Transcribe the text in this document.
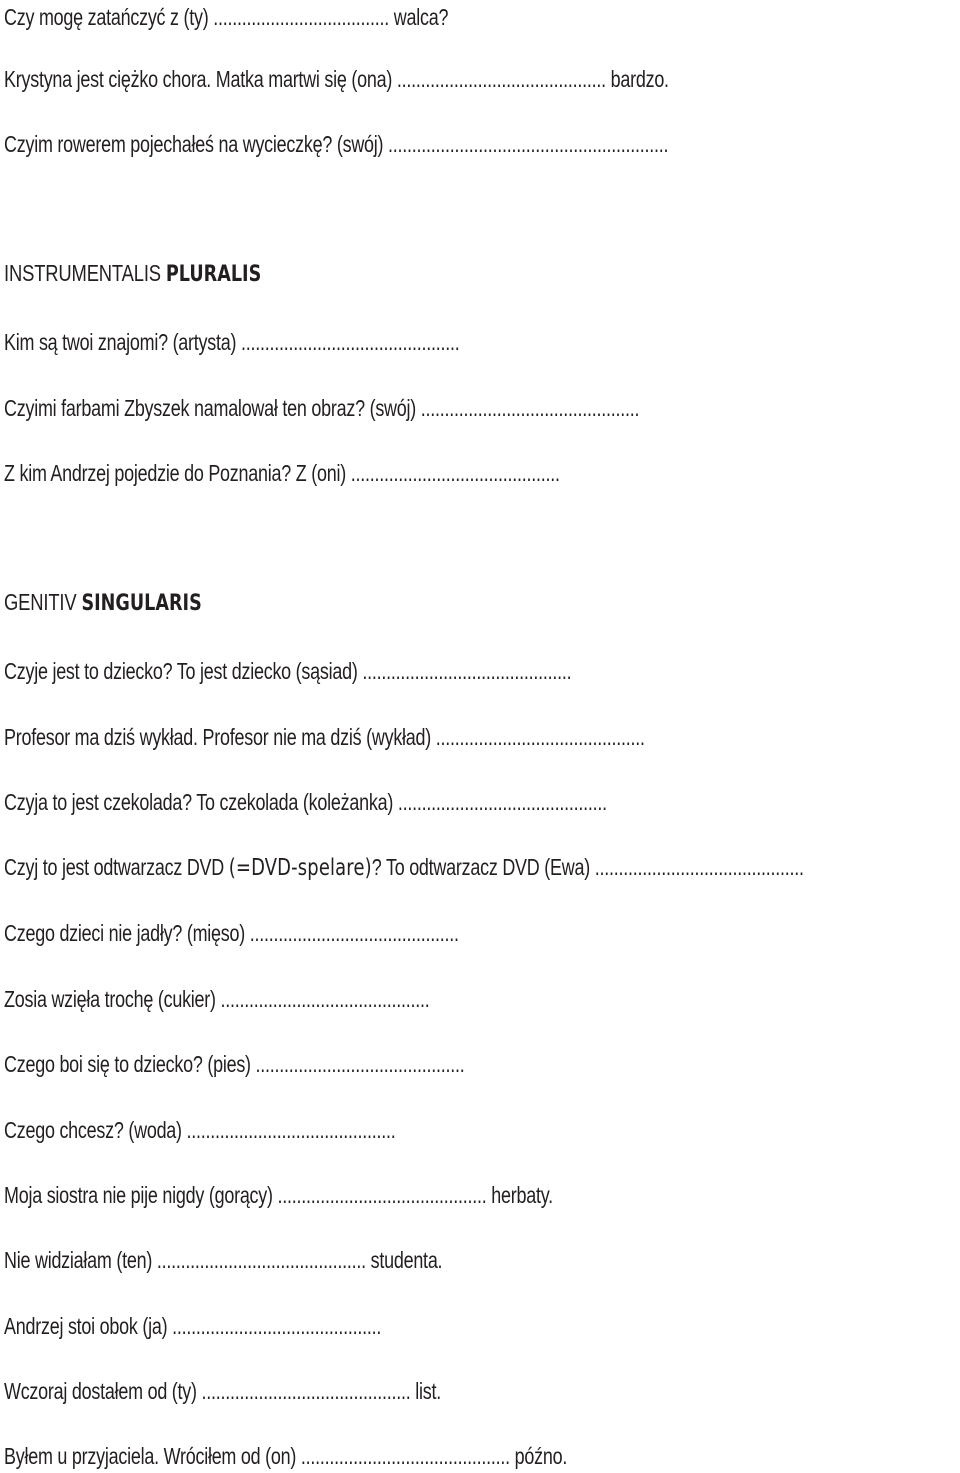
Czy mogę zatańczyć z (ty) ..................................... walca?
Krystyna jest ciężko chora. Matka martwi się (ona) ............................................ bardzo.
Czyim rowerem pojechałeś na wycieczkę? (swój) ...........................................................
INSTRUMENTALIS PLURALIS
Kim są twoi znajomi? (artysta) ..............................................
Czyimi farbami Zbyszek namalował ten obraz? (swój) ..............................................
Z kim Andrzej pojedzie do Poznania? Z (oni) ............................................
GENITIV SINGULARIS
Czyje jest to dziecko? To jest dziecko (sąsiad) ............................................
Profesor ma dziś wykład. Profesor nie ma dziś (wykład) ............................................
Czyja to jest czekolada? To czekolada (koleżanka) ............................................
Czyj to jest odtwarzacz DVD (=DVD-spelare)? To odtwarzacz DVD (Ewa) ............................................
Czego dzieci nie jadły? (mięso) ............................................
Zosia wzięła trochę (cukier) ............................................
Czego boi się to dziecko? (pies) ............................................
Czego chcesz? (woda) ............................................
Moja siostra nie pije nigdy (gorący) ............................................ herbaty.
Nie widziałam (ten) ............................................ studenta.
Andrzej stoi obok (ja) ............................................
Wczoraj dostałem od (ty) ............................................ list.
Byłem u przyjaciela. Wróciłem od (on) ............................................ późno.
